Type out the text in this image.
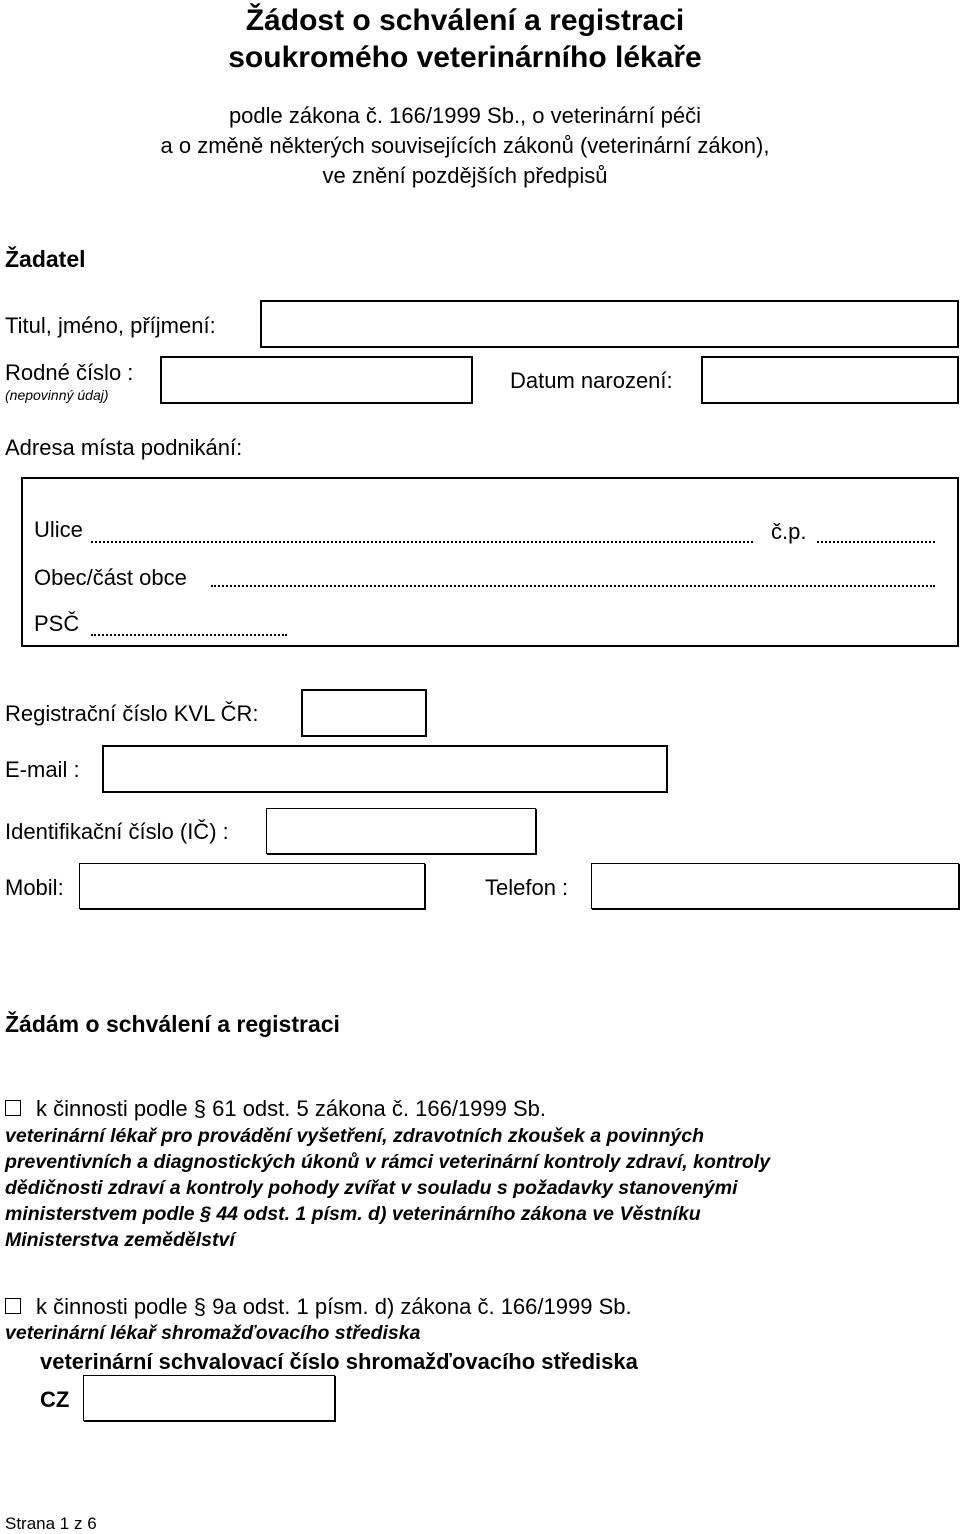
Žádost o schválení a registraci
soukromého veterinárního lékaře
podle zákona č. 166/1999 Sb., o veterinární péči
a o změně některých souvisejících zákonů (veterinární zákon),
ve znění pozdějších předpisů
Žadatel
Titul, jméno, příjmení:
Rodné číslo :
(nepovinný údaj)
Datum narození:
Adresa místa podnikání:
Ulice	č.p.
Obec/část obce
PSČ
Registrační číslo KVL ČR:
E-mail :
Identifikační číslo (IČ) :
Mobil:	Telefon :
Žádám o schválení a registraci
k činnosti podle § 61 odst. 5 zákona č. 166/1999 Sb.
veterinární lékař pro provádění vyšetření, zdravotních zkoušek a povinných
preventivních a diagnostických úkonů v rámci veterinární kontroly zdraví, kontroly
dědičnosti zdraví a kontroly pohody zvířat v souladu s požadavky stanovenými
ministerstvem podle § 44 odst. 1 písm. d) veterinárního zákona ve Věstníku
Ministerstva zemědělství
k činnosti podle § 9a odst. 1 písm. d) zákona č. 166/1999 Sb.
veterinární lékař shromažďovacího střediska
veterinární schvalovací číslo shromažďovacího střediska
CZ
Strana 1 z 6
